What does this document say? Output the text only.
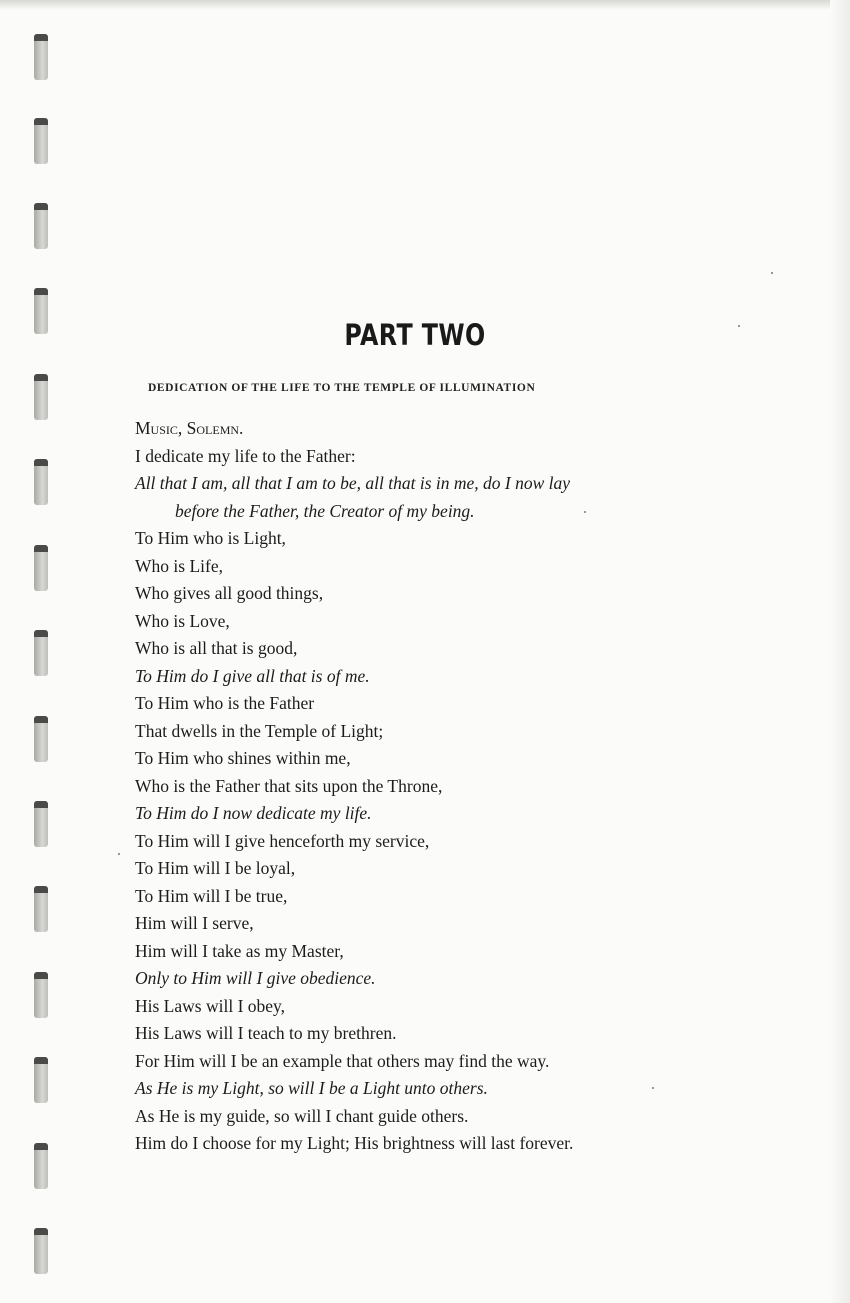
PART TWO
DEDICATION OF THE LIFE TO THE TEMPLE OF ILLUMINATION
Music, Solemn.
I dedicate my life to the Father:
All that I am, all that I am to be, all that is in me, do I now lay
before the Father, the Creator of my being.
To Him who is Light,
Who is Life,
Who gives all good things,
Who is Love,
Who is all that is good,
To Him do I give all that is of me.
To Him who is the Father
That dwells in the Temple of Light;
To Him who shines within me,
Who is the Father that sits upon the Throne,
To Him do I now dedicate my life.
To Him will I give henceforth my service,
To Him will I be loyal,
To Him will I be true,
Him will I serve,
Him will I take as my Master,
Only to Him will I give obedience.
His Laws will I obey,
His Laws will I teach to my brethren.
For Him will I be an example that others may find the way.
As He is my Light, so will I be a Light unto others.
As He is my guide, so will I chant guide others.
Him do I choose for my Light; His brightness will last forever.
